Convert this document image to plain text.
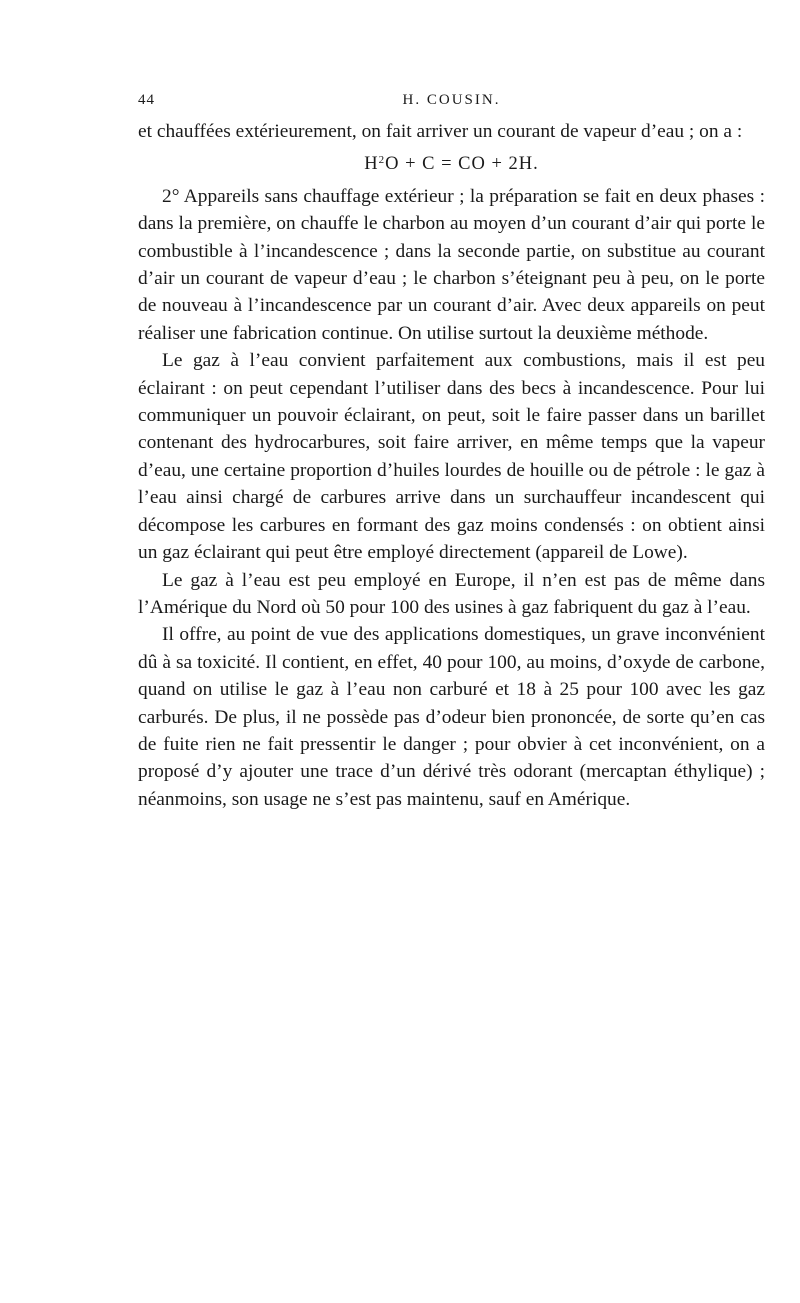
44	H. COUSIN.

et chauffées extérieurement, on fait arriver un courant de vapeur d’eau ; on a :

$H^2O + C$ = CO + 2H.

2° Appareils sans chauffage extérieur ; la préparation se fait en deux phases : dans la première, on chauffe le charbon au moyen d’un courant d’air qui porte le combustible à l’incandescence ; dans la seconde partie, on substitue au courant d’air un courant de vapeur d’eau ; le charbon s’éteignant peu à peu, on le porte de nouveau à l’incandescence par un courant d’air. Avec deux appareils on peut réaliser une fabrication continue. On utilise surtout la deuxième méthode.

Le gaz à l’eau convient parfaitement aux combustions, mais il est peu éclairant : on peut cependant l’utiliser dans des becs à incandescence. Pour lui communiquer un pouvoir éclairant, on peut, soit le faire passer dans un barillet contenant des hydrocarbures, soit faire arriver, en même temps que la vapeur d’eau, une certaine proportion d’huiles lourdes de houille ou de pétrole : le gaz à l’eau ainsi chargé de carbures arrive dans un surchauffeur incandescent qui décompose les carbures en formant des gaz moins condensés : on obtient ainsi un gaz éclairant qui peut être employé directement (appareil de Lowe).

Le gaz à l’eau est peu employé en Europe, il n’en est pas de même dans l’Amérique du Nord où 50 pour 100 des usines à gaz fabriquent du gaz à l’eau.

Il offre, au point de vue des applications domestiques, un grave inconvénient dû à sa toxicité. Il contient, en effet, 40 pour 100, au moins, d’oxyde de carbone, quand on utilise le gaz à l’eau non carburé et 18 à 25 pour 100 avec les gaz carburés. De plus, il ne possède pas d’odeur bien prononcée, de sorte qu’en cas de fuite rien ne fait pressentir le danger ; pour obvier à cet inconvénient, on a proposé d’y ajouter une trace d’un dérivé très odorant (mercaptan éthylique) ; néanmoins, son usage ne s’est pas maintenu, sauf en Amérique.
